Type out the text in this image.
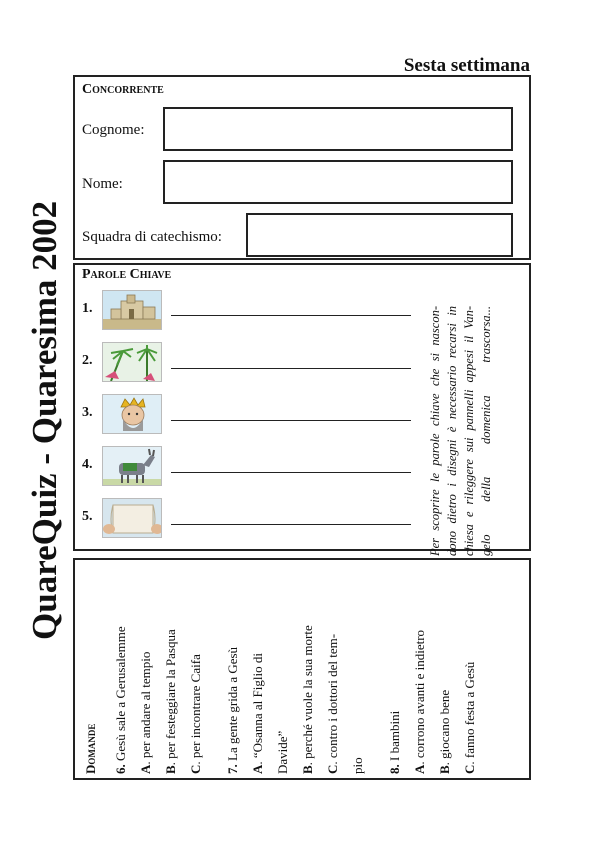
Sesta settimana
QuareQuiz - Quaresima 2002
Concorrente
Cognome:
Nome:
Squadra di catechismo:
Parole Chiave
1.
2.
3.
4.
5.	Per scoprire le parole chiave che si nascon- dono dietro i disegni è necessario recarsi in chiesa e rileggere sui pannelli appesi il Van- gelo della domenica trascorsa...

Domande 6. Gesù sale a Gerusalemme
A. per andare al tempio
B. per festeggiare la Pasqua
C. per incontrare Caifa
7. La gente grida a Gesù
A. “Osanna al Figlio di Davide” B. perché vuole la sua morte
C. contro i dottori del tem-
pio 8. I bambini
A. corrono avanti e indietro
B. giocano bene
C. fanno festa a Gesù
